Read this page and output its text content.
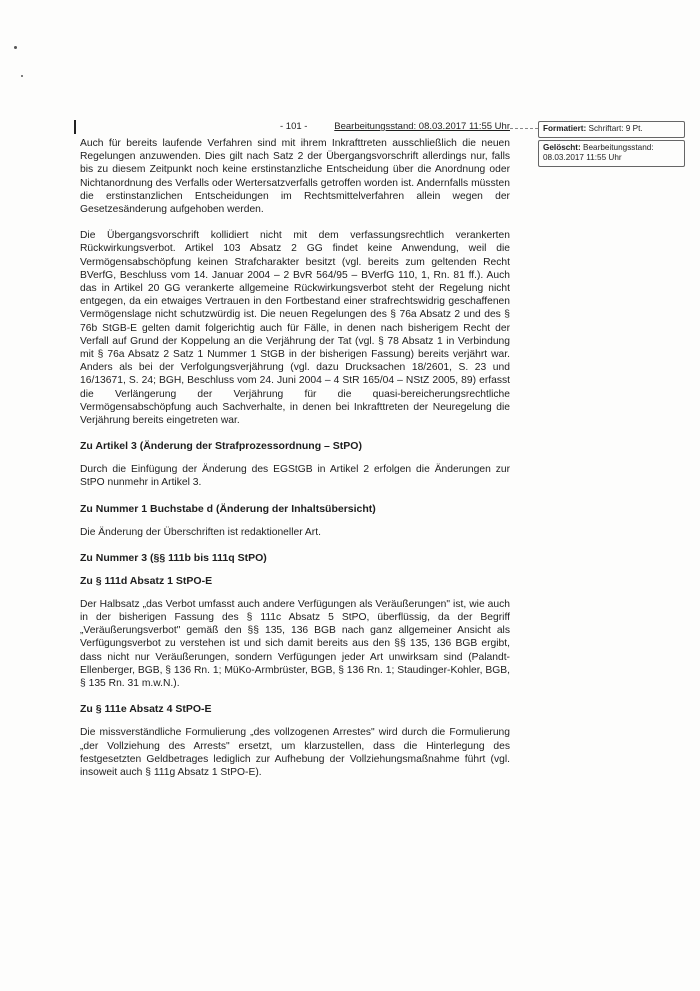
- 101 -	Bearbeitungsstand: 08.03.2017 11:55 Uhr	Formatiert: Schriftart: 9 Pt.
Gelöscht: Bearbeitungsstand: 08.03.2017 11:55 Uhr

Auch für bereits laufende Verfahren sind mit ihrem Inkrafttreten ausschließlich die neuen Regelungen anzuwenden. Dies gilt nach Satz 2 der Übergangsvorschrift allerdings nur, falls bis zu diesem Zeitpunkt noch keine erstinstanzliche Entscheidung über die Anordnung oder Nichtanordnung des Verfalls oder Wertersatzverfalls getroffen worden ist. Andernfalls müssten die erstinstanzlichen Entscheidungen im Rechtsmittelverfahren allein wegen der Gesetzesänderung aufgehoben werden.

Die Übergangsvorschrift kollidiert nicht mit dem verfassungsrechtlich verankerten Rückwirkungsverbot. Artikel 103 Absatz 2 GG findet keine Anwendung, weil die Vermögensabschöpfung keinen Strafcharakter besitzt (vgl. bereits zum geltenden Recht BVerfG, Beschluss vom 14. Januar 2004 – 2 BvR 564/95 – BVerfG 110, 1, Rn. 81 ff.). Auch das in Artikel 20 GG verankerte allgemeine Rückwirkungsverbot steht der Regelung nicht entgegen, da ein etwaiges Vertrauen in den Fortbestand einer strafrechtswidrig geschaffenen Vermögenslage nicht schutzwürdig ist. Die neuen Regelungen des § 76a Absatz 2 und des § 76b StGB-E gelten damit folgerichtig auch für Fälle, in denen nach bisherigem Recht der Verfall auf Grund der Koppelung an die Verjährung der Tat (vgl. § 78 Absatz 1 in Verbindung mit § 76a Absatz 2 Satz 1 Nummer 1 StGB in der bisherigen Fassung) bereits verjährt war. Anders als bei der Verfolgungsverjährung (vgl. dazu Drucksachen 18/2601, S. 23 und 16/13671, S. 24; BGH, Beschluss vom 24. Juni 2004 – 4 StR 165/04 – NStZ 2005, 89) erfasst die Verlängerung der Verjährung für die quasi-bereicherungsrechtliche Vermögensabschöpfung auch Sachverhalte, in denen bei Inkrafttreten der Neuregelung die Verjährung bereits eingetreten war.

Zu Artikel 3 (Änderung der Strafprozessordnung – StPO)

Durch die Einfügung der Änderung des EGStGB in Artikel 2 erfolgen die Änderungen zur StPO nunmehr in Artikel 3.

Zu Nummer 1 Buchstabe d (Änderung der Inhaltsübersicht)

Die Änderung der Überschriften ist redaktioneller Art.

Zu Nummer 3 (§§ 111b bis 111q StPO)
Zu § 111d Absatz 1 StPO-E

Der Halbsatz „das Verbot umfasst auch andere Verfügungen als Veräußerungen" ist, wie auch in der bisherigen Fassung des § 111c Absatz 5 StPO, überflüssig, da der Begriff „Veräußerungsverbot" gemäß den §§ 135, 136 BGB nach ganz allgemeiner Ansicht als Verfügungsverbot zu verstehen ist und sich damit bereits aus den §§ 135, 136 BGB ergibt, dass nicht nur Veräußerungen, sondern Verfügungen jeder Art unwirksam sind (Palandt-Ellenberger, BGB, § 136 Rn. 1; MüKo-Armbrüster, BGB, § 136 Rn. 1; Staudinger-Kohler, BGB, § 135 Rn. 31 m.w.N.).

Zu § 111e Absatz 4 StPO-E

Die missverständliche Formulierung „des vollzogenen Arrestes" wird durch die Formulierung „der Vollziehung des Arrests" ersetzt, um klarzustellen, dass die Hinterlegung des festgesetzten Geldbetrages lediglich zur Aufhebung der Vollziehungsmaßnahme führt (vgl. insoweit auch § 111g Absatz 1 StPO-E).
